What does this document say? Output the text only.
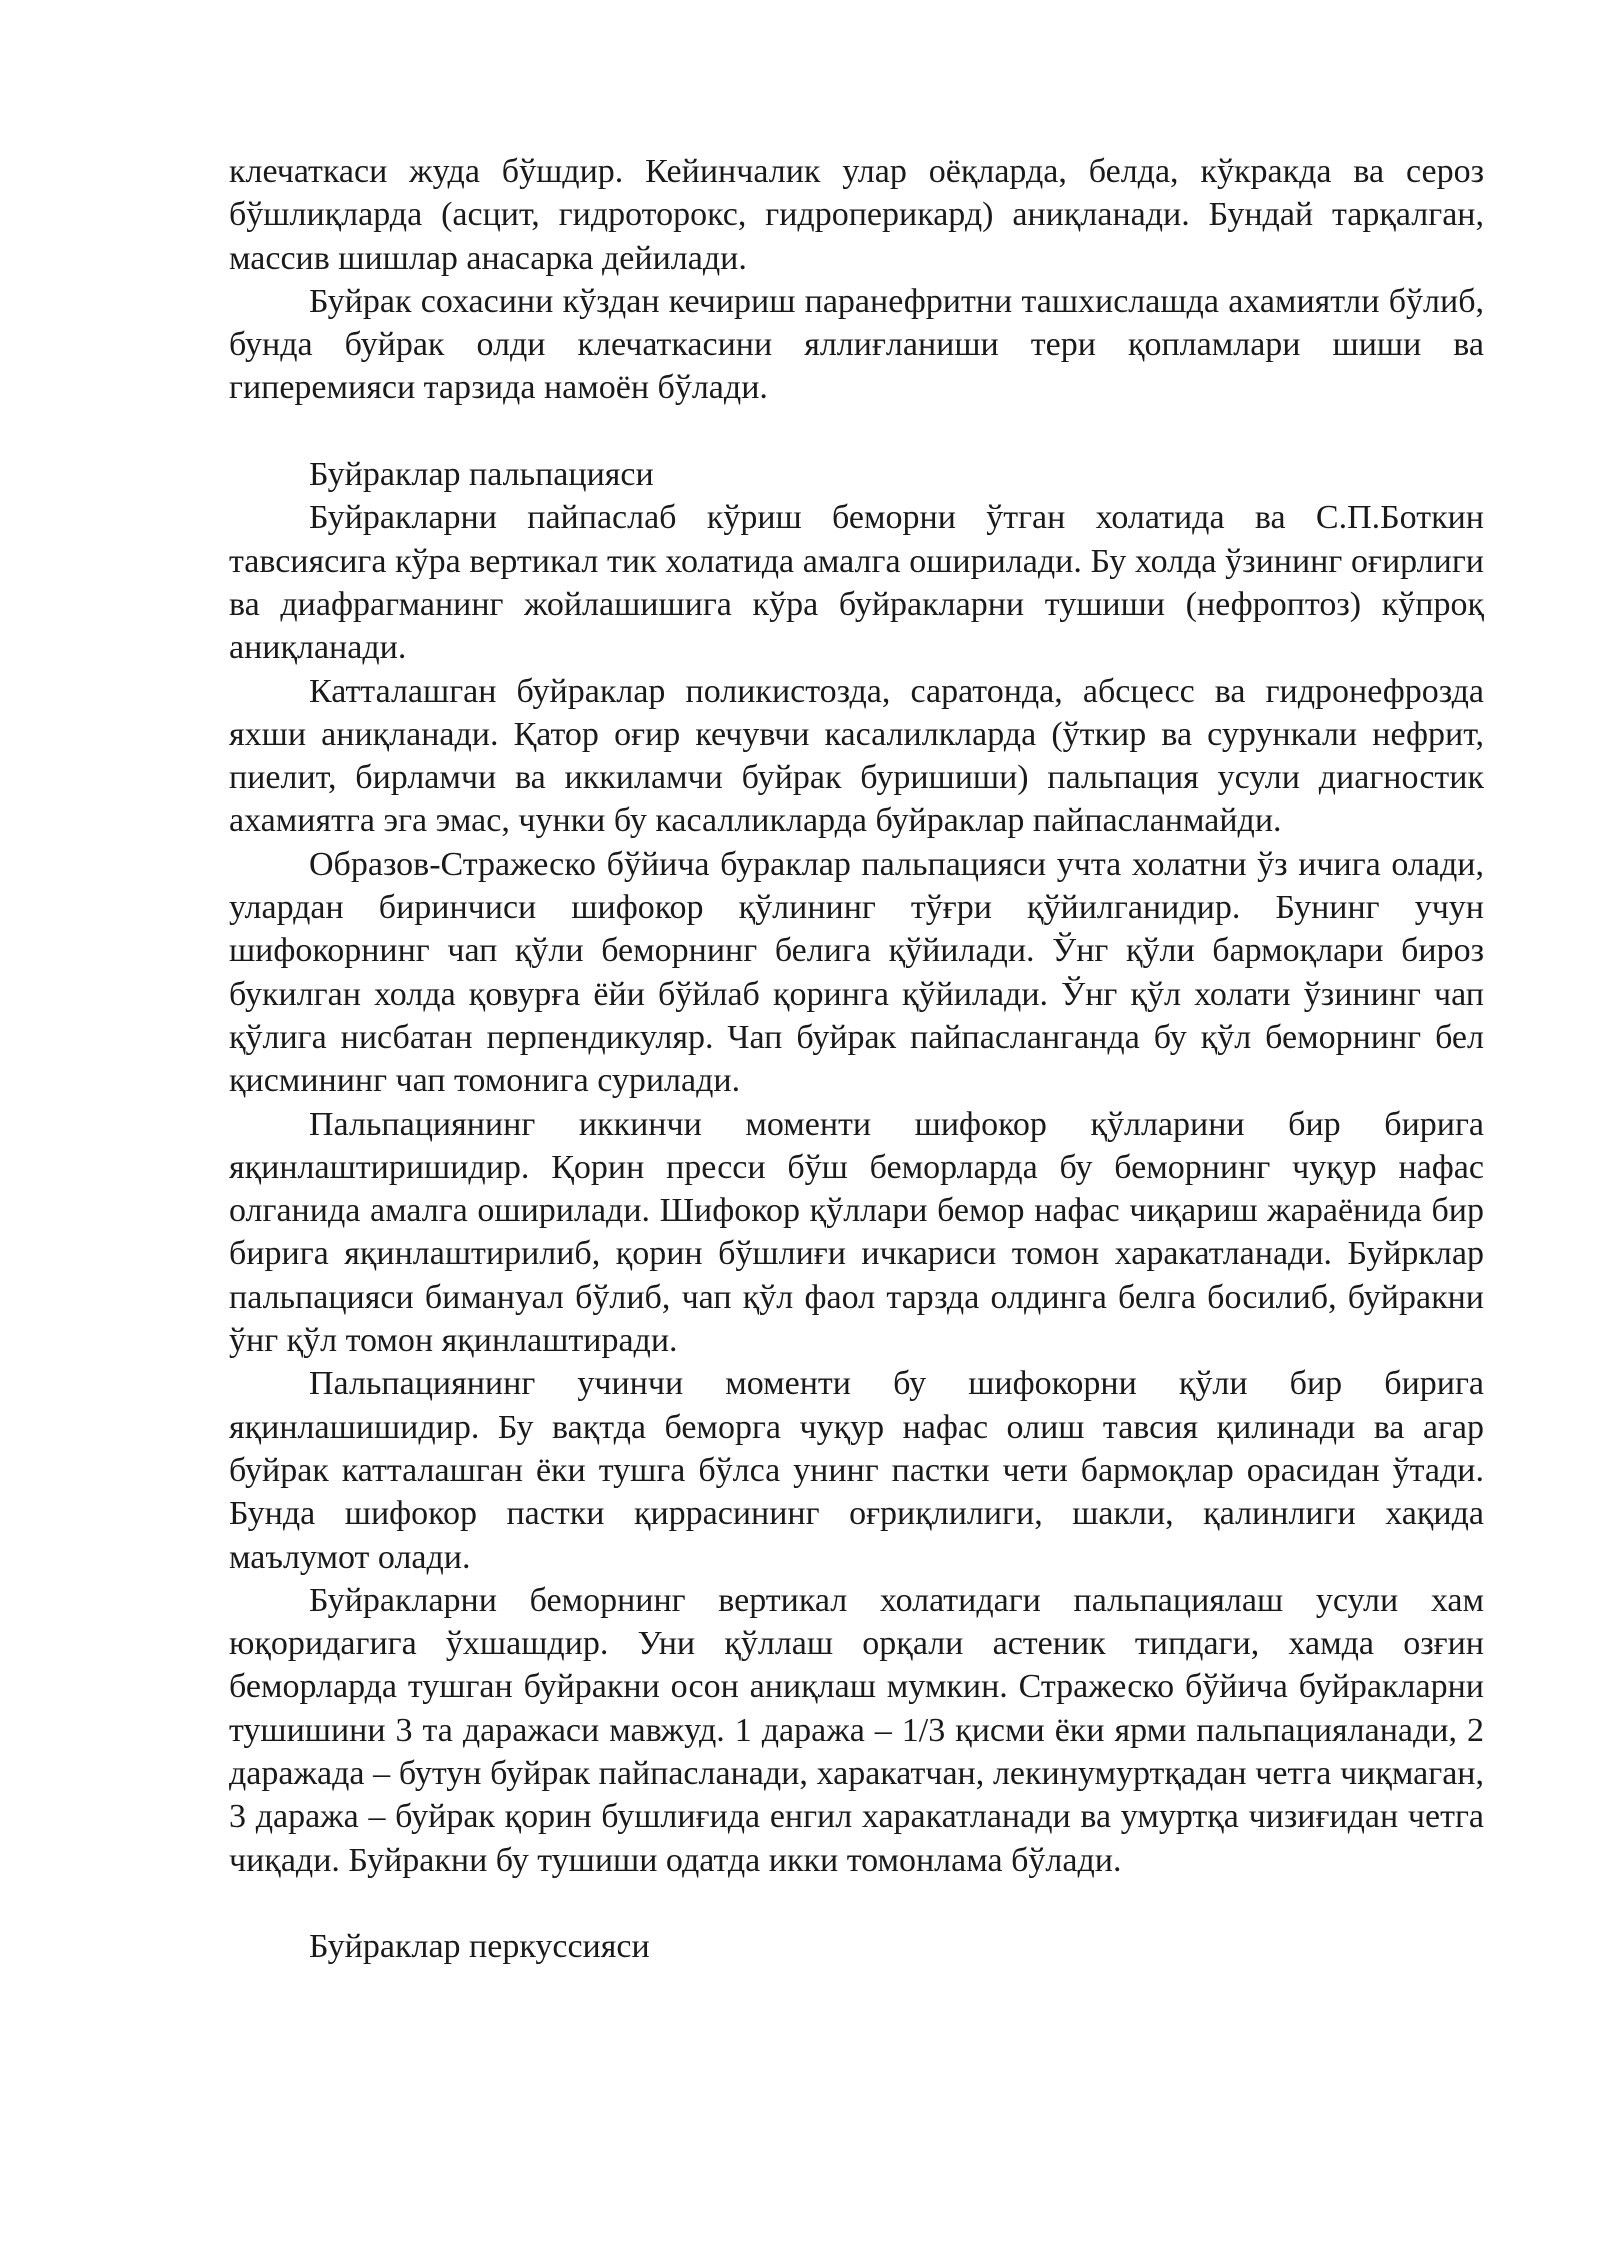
клечаткаси жуда бўшдир. Кейинчалик улар оёқларда, белда, кўкракда ва сероз бўшлиқларда (асцит, гидроторокс, гидроперикард) аниқланади. Бундай тарқалган, массив шишлар анасарка дейилади.

Буйрак сохасини кўздан кечириш паранефритни ташхислашда ахамиятли бўлиб, бунда буйрак олди клечаткасини яллиғланиши тери қопламлари шиши ва гиперемияси тарзида намоён бўлади.

Буйраклар пальпацияси

Буйракларни пайпаслаб кўриш беморни ўтган холатида ва С.П.Боткин тавсиясига кўра вертикал тик холатида амалга оширилади. Бу холда ўзининг оғирлиги ва диафрагманинг жойлашишига кўра буйракларни тушиши (нефроптоз) кўпроқ аниқланади.

Катталашган буйраклар поликистозда, саратонда, абсцесс ва гидронефрозда яхши аниқланади. Қатор оғир кечувчи касалилкларда (ўткир ва сурункали нефрит, пиелит, бирламчи ва иккиламчи буйрак буришиши) пальпация усули диагностик ахамиятга эга эмас, чунки бу касалликларда буйраклар пайпасланмайди.

Образов-Стражеско бўйича бураклар пальпацияси учта холатни ўз ичига олади, улардан биринчиси шифокор қўлининг тўғри қўйилганидир. Бунинг учун шифокорнинг чап қўли беморнинг белига қўйилади. Ўнг қўли бармоқлари бироз букилган холда қовурға ёйи бўйлаб қоринга қўйилади. Ўнг қўл холати ўзининг чап қўлига нисбатан перпендикуляр. Чап буйрак пайпасланганда бу қўл беморнинг бел қисмининг чап томонига сурилади.

Пальпациянинг иккинчи моменти шифокор қўлларини бир бирига яқинлаштиришидир. Қорин пресси бўш беморларда бу беморнинг чуқур нафас олганида амалга оширилади. Шифокор қўллари бемор нафас чиқариш жараёнида бир бирига яқинлаштирилиб, қорин бўшлиғи ичкариси томон харакатланади. Буйрклар пальпацияси бимануал бўлиб, чап қўл фаол тарзда олдинга белга босилиб, буйракни ўнг қўл томон яқинлаштиради.

Пальпациянинг учинчи моменти бу шифокорни қўли бир бирига яқинлашишидир. Бу вақтда беморга чуқур нафас олиш тавсия қилинади ва агар буйрак катталашган ёки тушга бўлса унинг пастки чети бармоқлар орасидан ўтади. Бунда шифокор пастки қиррасининг оғриқлилиги, шакли, қалинлиги хақида маълумот олади.

Буйракларни беморнинг вертикал холатидаги пальпациялаш усули хам юқоридагига ўхшашдир. Уни қўллаш орқали астеник типдаги, хамда озғин беморларда тушган буйракни осон аниқлаш мумкин. Стражеско бўйича буйракларни тушишини 3 та даражаси мавжуд. 1 даража – 1/3 қисми ёки ярми пальпацияланади, 2 даражада – бутун буйрак пайпасланади, харакатчан, лекинумуртқадан четга чиқмаган, 3 даража – буйрак қорин бушлиғида енгил харакатланади ва умуртқа чизиғидан четга чиқади. Буйракни бу тушиши одатда икки томонлама бўлади.

Буйраклар перкуссияси
